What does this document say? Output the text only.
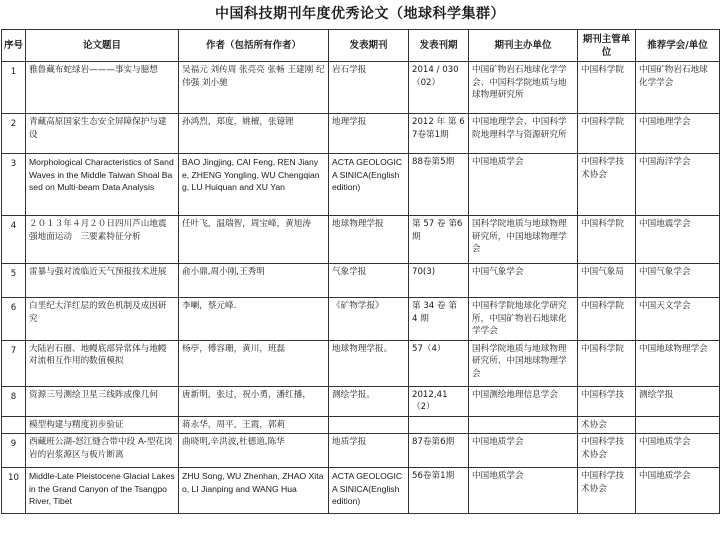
中国科技期刊年度优秀论文（地球科学集群）
序号	论文题目	作者（包括所有作者）	发表期刊	发表刊期	期刊主办单位	期刊主管单位	推荐学会/单位
1	雅鲁藏布蛇绿岩———事实与臆想	吴福元 刘传周 张亮亮 张畅 王建刚 纪伟强 刘小驰	岩石学报	2014 / 030（02）	中国矿物岩石地球化学学会、中国科学院地质与地球物理研究所	中国科学院	中国矿物岩石地球化学学会
2	青藏高原国家生态安全屏障保护与建设	孙鸿烈，郑度，姚檀，张镱锂	地理学报	2012 年 第 67卷第1期	中国地理学会、中国科学院地理科学与资源研究所	中国科学院	中国地理学会
3	Morphological Characteristics of Sand Waves in the Middle Taiwan Shoal Based on Multi-beam Data Analysis	BAO Jingjing, CAI Feng, REN Jianye, ZHENG Yongling, WU Chengqiang, LU Huiquan and XU Yan	ACTA GEOLOGICA SINICA(English edition)	88卷第5期	中国地质学会	中国科学技术协会	中国海洋学会
4	２０１３年４月２０日四川芦山地震强地面运动　三要素特征分析	任叶飞，温瑞智，周宝峰，黄旭涛	地球物理学报	第 57 卷 第6期	国科学院地质与地球物理研究所，中国地球物理学会	中国科学院	中国地震学会
5	雷暴与强对流临近天气预报技术进展	俞小鼎,周小刚,王秀明	气象学报	70(3)	中国气象学会	中国气象局	中国气象学会
6	白垩纪大洋红层的致色机制及成因研究	李喇，蔡元峰.	《矿物学报》	第 34 卷 第 4 期	中国科学院地球化学研究所，中国矿物岩石地球化学学会	中国科学院	中国天文学会
7	大陆岩石圈、地幔底部异常体与地幔 对流相互作用的数值模拟	杨亭，傅容珊，黄川，班磊	地球物理学报。	57（4）	国科学院地质与地球物理研究所、中国地球物理学会	中国科学院	中国地球物理学会
8	资源三号测绘卫星三线阵成像几何	唐新明，张过，祝小勇，潘红播，	测绘学报。	2012,41（2）	中国测绘地理信息学会	中国科学技	测绘学报
	模型构建与精度初步验证	蒋永华，周平，王霞，郭莉				术协会	
9	西藏班公湖-怒江缝合带中段 A-型花岗岩的岩浆源区与板片断离	曲晓明,辛洪波,杜德道,陈华	地质学报	87卷第6期	中国地质学会	中国科学技术协会	中国地质学会
10	Middle-Late Pleistocene Glacial Lakes in the Grand Canyon of the Tsangpo River, Tibet	ZHU Song, WU Zhenhan, ZHAO Xitao, LI Jianping and WANG Hua	ACTA GEOLOGICA SINICA(English edition)	56卷第1期	中国地质学会	中国科学技术协会	中国地质学会
